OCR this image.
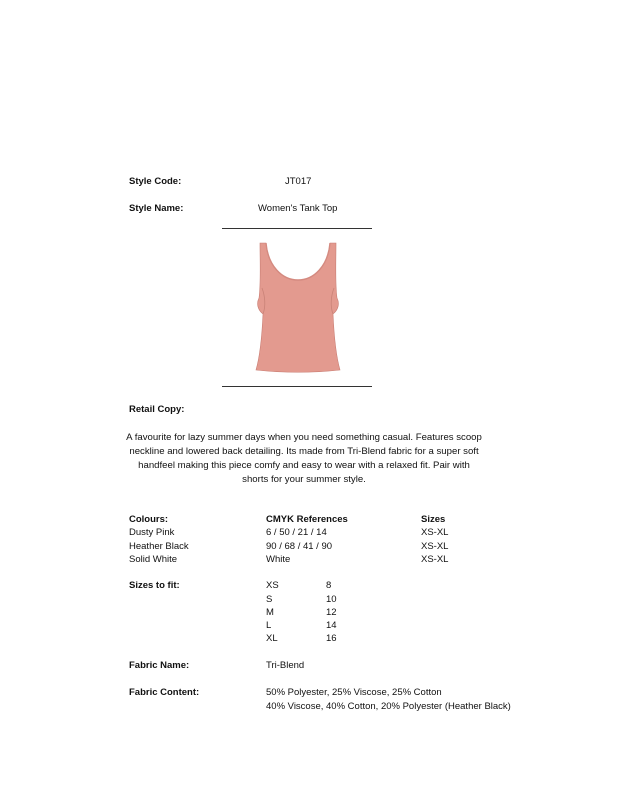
Style Code:	JT017
Style Name:	Women's Tank Top
Retail Copy:
A favourite for lazy summer days when you need something casual. Features scoop neckline and lowered back detailing. Its made from Tri-Blend fabric for a super soft handfeel making this piece comfy and easy to wear with a relaxed fit. Pair with shorts for your summer style.
Colours:	CMYK References	Sizes
Dusty Pink	6 / 50 / 21 / 14	XS-XL
Heather Black	90 / 68 / 41 / 90	XS-XL
Solid White	White	XS-XL
Sizes to fit:	XS	8
S	10
M	12
L	14
XL	16
Fabric Name:	Tri-Blend
Fabric Content:	50% Polyester, 25% Viscose, 25% Cotton
40% Viscose, 40% Cotton, 20% Polyester (Heather Black)
